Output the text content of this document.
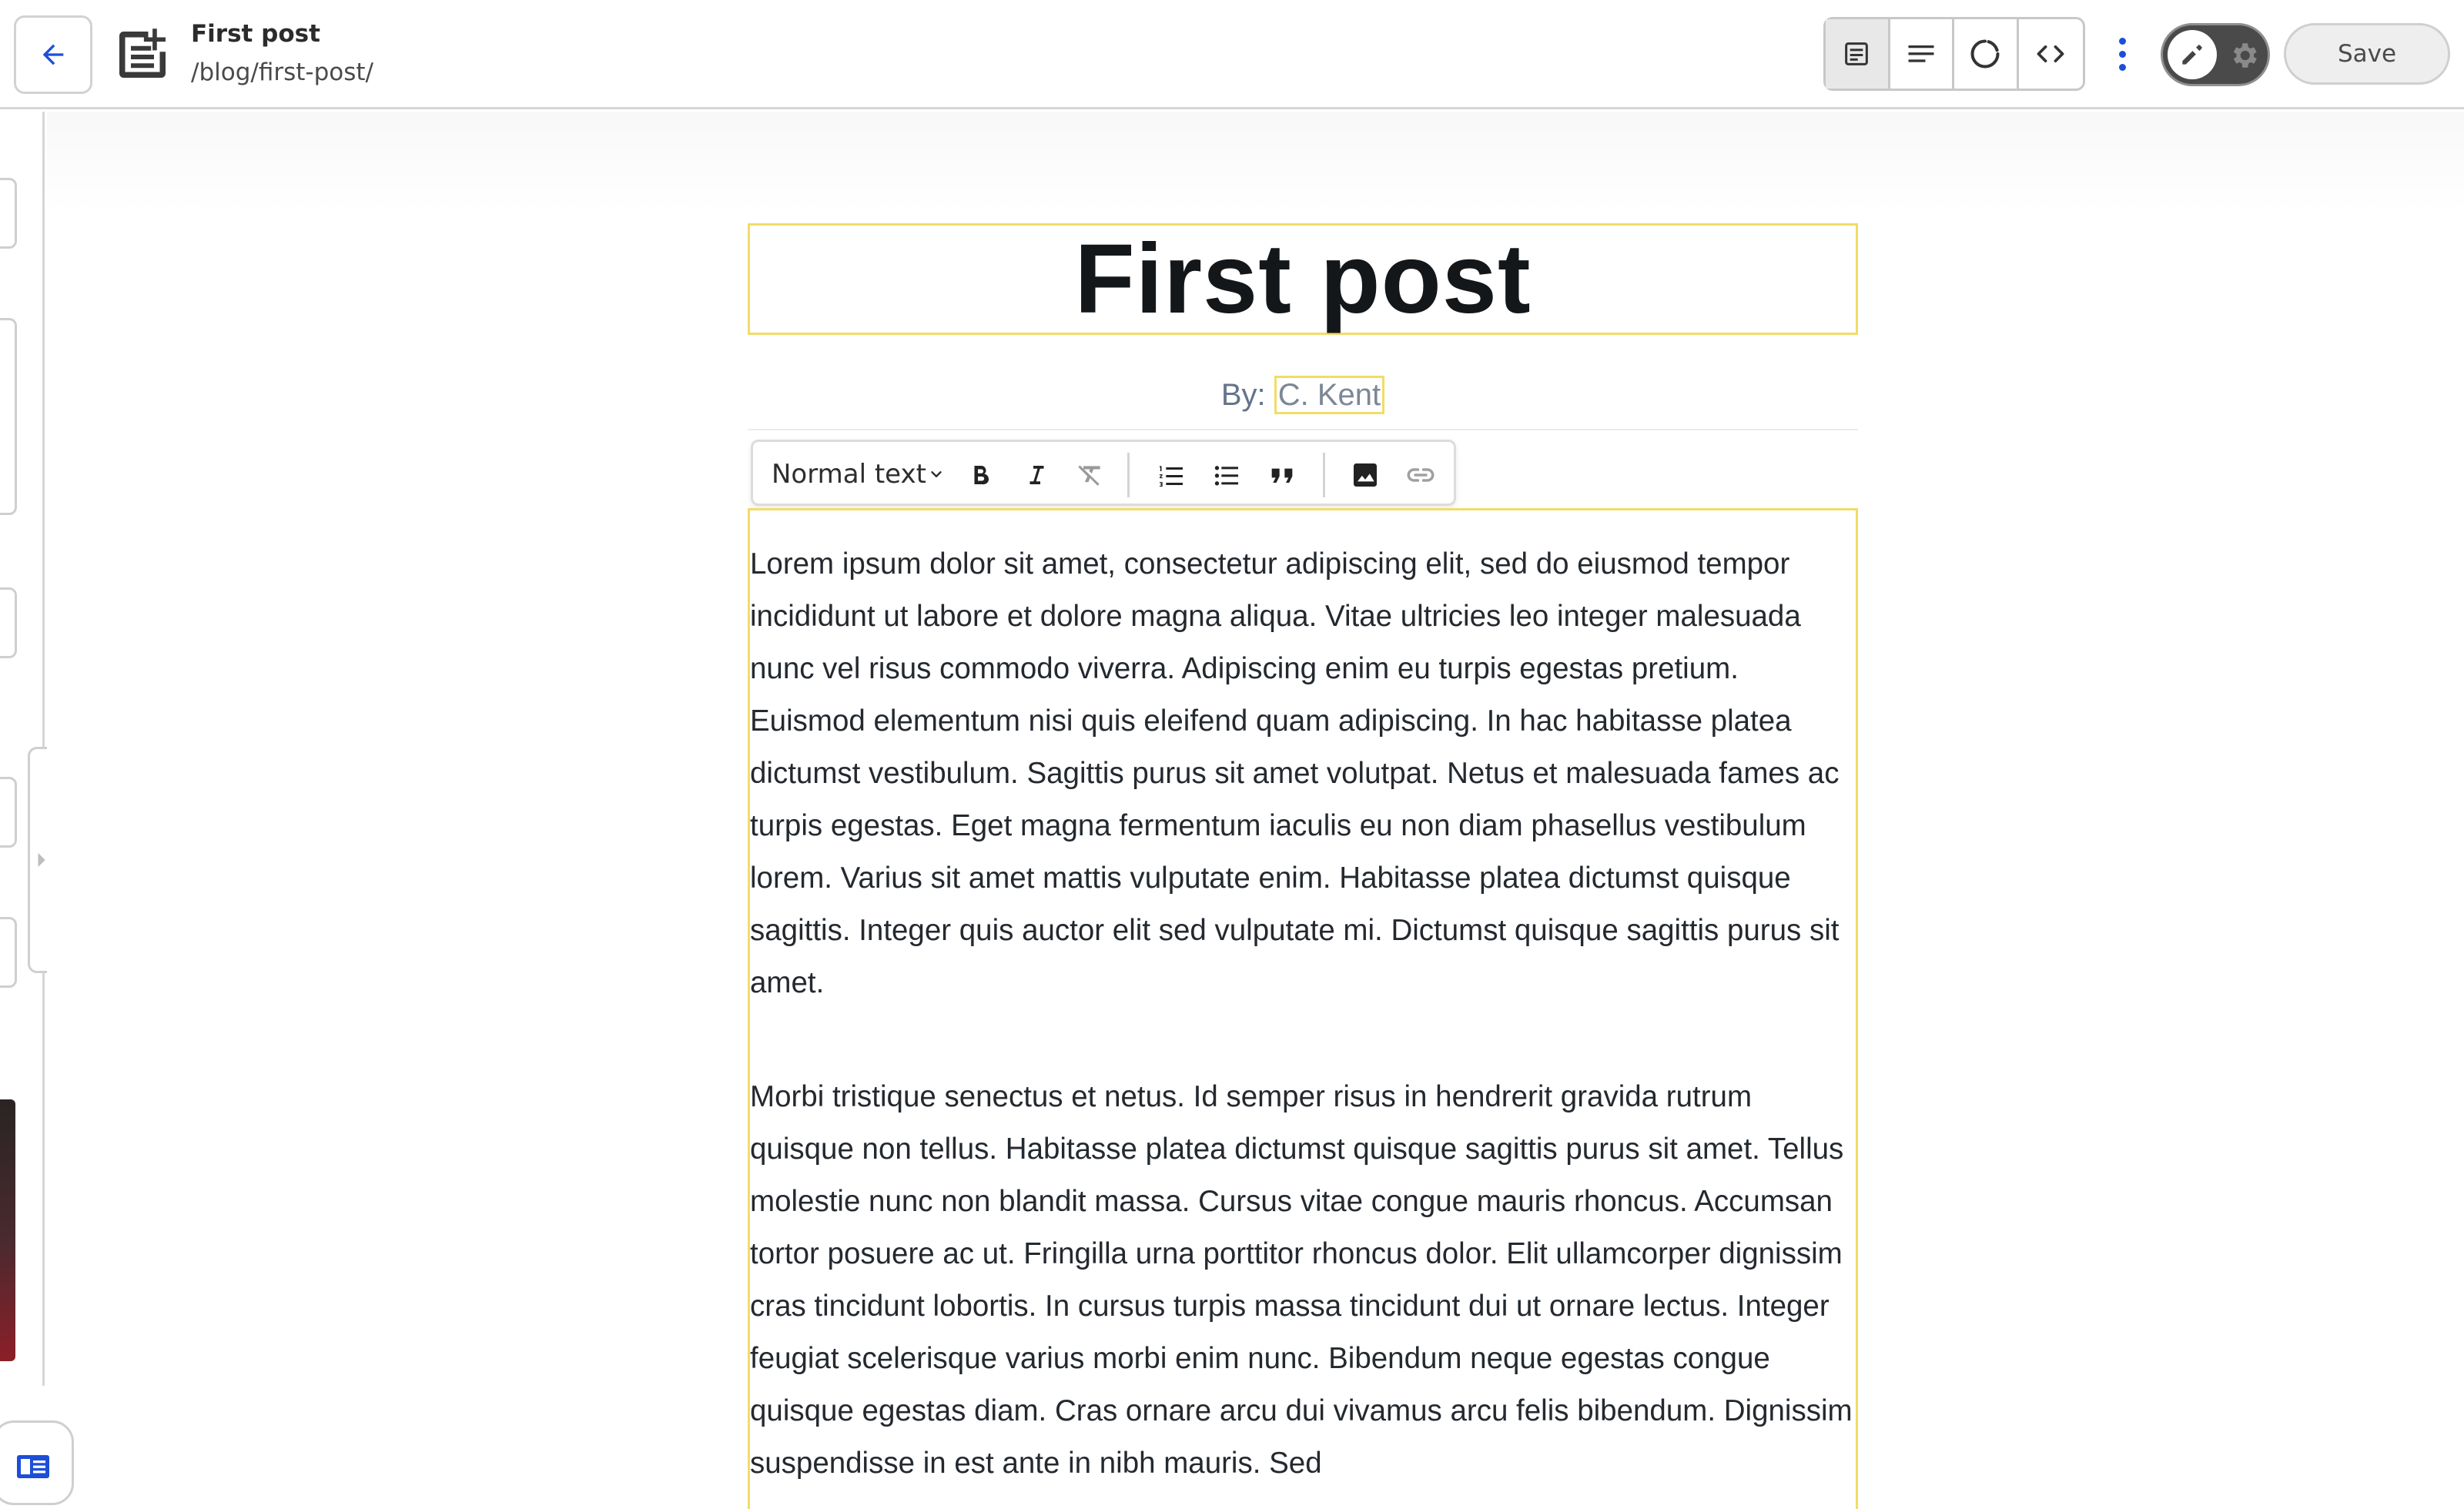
First post
/blog/first-post/
Save
First post
By: C. Kent
Normal text

Lorem ipsum dolor sit amet, consectetur adipiscing elit, sed do eiusmod tempor incididunt ut labore et dolore magna aliqua. Vitae ultricies leo integer malesuada nunc vel risus commodo viverra. Adipiscing enim eu turpis egestas pretium. Euismod elementum nisi quis eleifend quam adipiscing. In hac habitasse platea dictumst vestibulum. Sagittis purus sit amet volutpat. Netus et malesuada fames ac turpis egestas. Eget magna fermentum iaculis eu non diam phasellus vestibulum lorem. Varius sit amet mattis vulputate enim. Habitasse platea dictumst quisque sagittis. Integer quis auctor elit sed vulputate mi. Dictumst quisque sagittis purus sit amet.

Morbi tristique senectus et netus. Id semper risus in hendrerit gravida rutrum quisque non tellus. Habitasse platea dictumst quisque sagittis purus sit amet. Tellus molestie nunc non blandit massa. Cursus vitae congue mauris rhoncus. Accumsan tortor posuere ac ut. Fringilla urna porttitor rhoncus dolor. Elit ullamcorper dignissim cras tincidunt lobortis. In cursus turpis massa tincidunt dui ut ornare lectus. Integer feugiat scelerisque varius morbi enim nunc. Bibendum neque egestas congue quisque egestas diam. Cras ornare arcu dui vivamus arcu felis bibendum. Dignissim suspendisse in est ante in nibh mauris. Sed
